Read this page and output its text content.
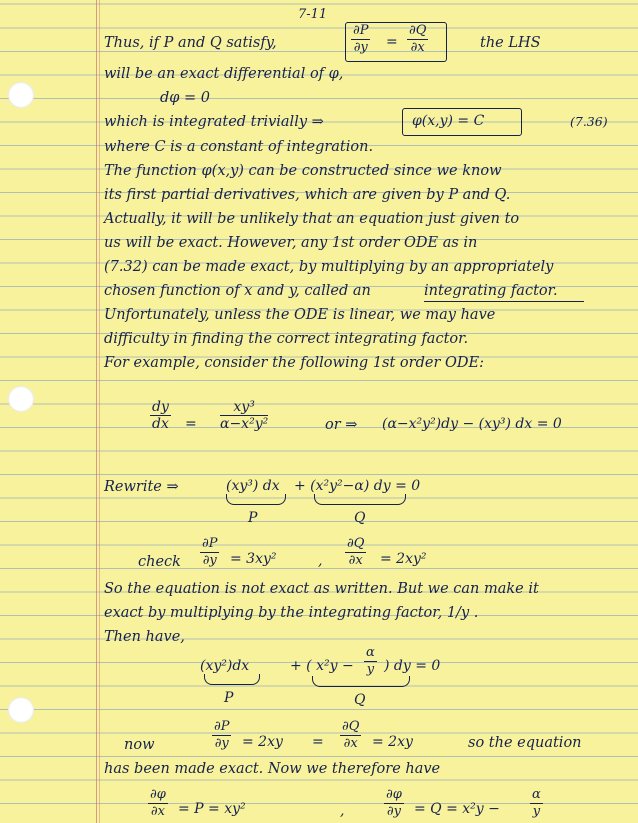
7-11
Thus, if P and Q satisfy,
∂P
∂y =
∂Q
∂x	the LHS
will be an exact differential of φ,
dφ = 0
which is integrated trivially ⇒	φ(x,y) = C	(7.36)
where C is a constant of integration.
The function φ(x,y) can be constructed since we know
its first partial derivatives, which are given by P and Q.
Actually, it will be unlikely that an equation just given to
us will be exact. However, any 1st order ODE as in
(7.32) can be made exact, by multiplying by an appropriately
chosen function of x and y, called an	integrating factor.
Unfortunately, unless the ODE is linear, we may have
difficulty in finding the correct integrating factor.
For example, consider the following 1st order ODE:
dy
dx =
xy³
α−x²y²	or ⇒ (α−x²y²)dy − (xy³) dx = 0
Rewrite ⇒	(xy³) dx + (x²y²−α) dy = 0
P	Q
check
∂P
∂y = 3xy²	,
∂Q
∂x = 2xy²
So the equation is not exact as written. But we can make it
exact by multiplying by the integrating factor, 1/y .
Then have,
(xy²)dx	+ ( x²y −
α
y ) dy = 0
P	Q
now
∂P
∂y = 2xy =
∂Q
∂x = 2xy	so the equation
has been made exact. Now we therefore have
∂φ
∂x = P = xy²	,
∂φ
∂y = Q = x²y −
α
y
